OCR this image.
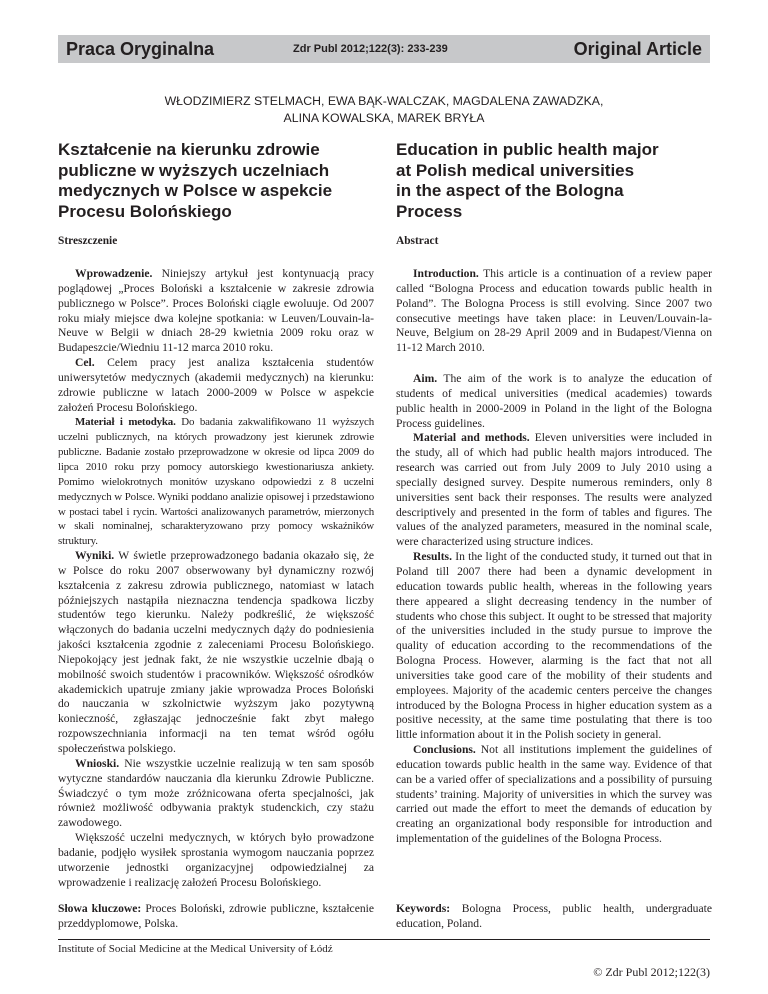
Praca Oryginalna	Zdr Publ 2012;122(3): 233-239	Original Article
WŁODZIMIERZ STELMACH, EWA BĄK-WALCZAK, MAGDALENA ZAWADZKA,
ALINA KOWALSKA, MAREK BRYŁA
Kształcenie na kierunku zdrowie
publiczne w wyższych uczelniach
medycznych w Polsce w aspekcie
Procesu Bolońskiego
Education in public health major
at Polish medical universities
in the aspect of the Bologna
Process
Streszczenie	Abstract

Wprowadzenie. Niniejszy artykuł jest kontynuacją pracy poglądowej „Proces Boloński a kształcenie w zakresie zdrowia publicznego w Polsce”. Proces Boloński ciągle ewoluuje. Od 2007 roku miały miejsce dwa kolejne spotkania: w Leuven/Louvain-la-Neuve w Belgii w dniach 28-29 kwietnia 2009 roku oraz w Budapeszcie/Wiedniu 11-12 marca 2010 roku.

Cel. Celem pracy jest analiza kształcenia studentów uniwersytetów medycznych (akademii medycznych) na kierunku: zdrowie publiczne w latach 2000-2009 w Polsce w aspekcie założeń Procesu Bolońskiego.

Materiał i metodyka. Do badania zakwalifikowano 11 wyższych uczelni publicznych, na których prowadzony jest kierunek zdrowie publiczne. Badanie zostało przeprowadzone w okresie od lipca 2009 do lipca 2010 roku przy pomocy autorskiego kwestionariusza ankiety. Pomimo wielokrotnych monitów uzyskano odpowiedzi z 8 uczelni medycznych w Polsce. Wyniki poddano analizie opisowej i przedstawiono w postaci tabel i rycin. Wartości analizowanych parametrów, mierzonych w skali nominalnej, scharakteryzowano przy pomocy wskaźników struktury.

Wyniki. W świetle przeprowadzonego badania okazało się, że w Polsce do roku 2007 obserwowany był dynamiczny rozwój kształcenia z zakresu zdrowia publicznego, natomiast w latach późniejszych nastąpiła nieznaczna tendencja spadkowa liczby studentów tego kierunku. Należy podkreślić, że większość włączonych do badania uczelni medycznych dąży do podniesienia jakości kształcenia zgodnie z zaleceniami Procesu Bolońskiego. Niepokojący jest jednak fakt, że nie wszystkie uczelnie dbają o mobilność swoich studentów i pracowników. Większość ośrodków akademickich upatruje zmiany jakie wprowadza Proces Boloński do nauczania w szkolnictwie wyższym jako pozytywną konieczność, zgłaszając jednocześnie fakt zbyt małego rozpowszechniania informacji na ten temat wśród ogółu społeczeństwa polskiego.

Wnioski. Nie wszystkie uczelnie realizują w ten sam sposób wytyczne standardów nauczania dla kierunku Zdrowie Publiczne. Świadczyć o tym może zróżnicowana oferta specjalności, jak również możliwość odbywania praktyk studenckich, czy stażu zawodowego.

Większość uczelni medycznych, w których było prowadzone badanie, podjęło wysiłek sprostania wymogom nauczania poprzez utworzenie jednostki organizacyjnej odpowiedzialnej za wprowadzenie i realizację założeń Procesu Bolońskiego.

Introduction. This article is a continuation of a review paper called “Bologna Process and education towards public health in Poland”. The Bologna Process is still evolving. Since 2007 two consecutive meetings have taken place: in Leuven/Louvain-la-Neuve, Belgium on 28-29 April 2009 and in Budapest/Vienna on 11-12 March 2010.

Aim. The aim of the work is to analyze the education of students of medical universities (medical academies) towards public health in 2000-2009 in Poland in the light of the Bologna Process guidelines.

Material and methods. Eleven universities were included in the study, all of which had public health majors introduced. The research was carried out from July 2009 to July 2010 using a specially designed survey. Despite numerous reminders, only 8 universities sent back their responses. The results were analyzed descriptively and presented in the form of tables and figures. The values of the analyzed parameters, measured in the nominal scale, were characterized using structure indices.

Results. In the light of the conducted study, it turned out that in Poland till 2007 there had been a dynamic development in education towards public health, whereas in the following years there appeared a slight decreasing tendency in the number of students who chose this subject. It ought to be stressed that majority of the universities included in the study pursue to improve the quality of education according to the recommendations of the Bologna Process. However, alarming is the fact that not all universities take good care of the mobility of their students and employees. Majority of the academic centers perceive the changes introduced by the Bologna Process in higher education system as a positive necessity, at the same time postulating that there is too little information about it in the Polish society in general.

Conclusions. Not all institutions implement the guidelines of education towards public health in the same way. Evidence of that can be a varied offer of specializations and a possibility of pursuing students’ training. Majority of universities in which the survey was carried out made the effort to meet the demands of education by creating an organizational body responsible for introduction and implementation of the guidelines of the Bologna Process.

Słowa kluczowe: Proces Boloński, zdrowie publiczne, kształcenie przeddyplomowe, Polska.
Keywords: Bologna Process, public health, undergraduate education, Poland.
Institute of Social Medicine at the Medical University of Łódź
© Zdr Publ 2012;122(3)
